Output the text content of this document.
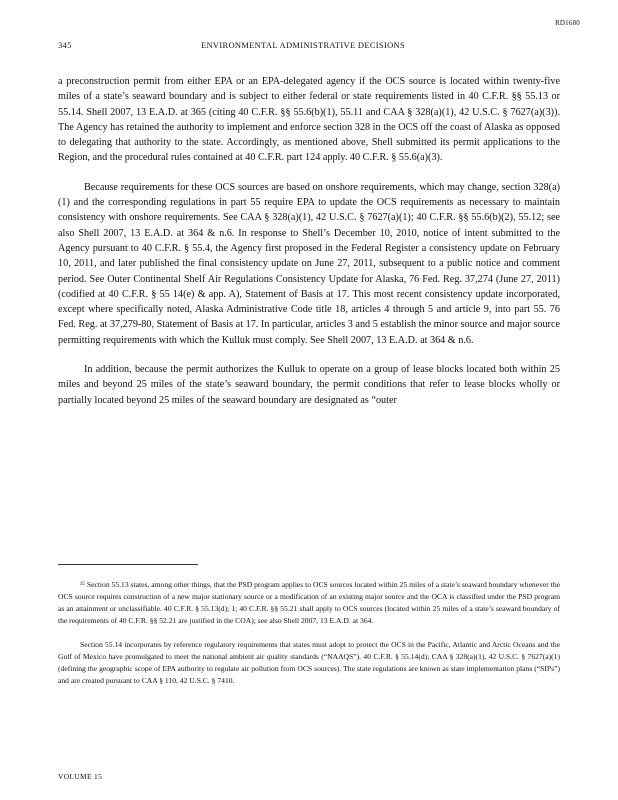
RD1680
345	ENVIRONMENTAL ADMINISTRATIVE DECISIONS

a preconstruction permit from either EPA or an EPA-delegated agency if the OCS source is located within twenty-five miles of a state’s seaward boundary and is subject to either federal or state requirements listed in 40 C.F.R. §§ 55.13 or 55.14. Shell 2007, 13 E.A.D. at 365 (citing 40 C.F.R. §§ 55.6(b)(1), 55.11 and CAA § 328(a)(1), 42 U.S.C. § 7627(a)(3)). The Agency has retained the authority to implement and enforce section 328 in the OCS off the coast of Alaska as opposed to delegating that authority to the state. Accordingly, as mentioned above, Shell submitted its permit applications to the Region, and the procedural rules contained at 40 C.F.R. part 124 apply. 40 C.F.R. § 55.6(a)(3).

Because requirements for these OCS sources are based on onshore requirements, which may change, section 328(a)(1) and the corresponding regulations in part 55 require EPA to update the OCS requirements as necessary to maintain consistency with onshore requirements. See CAA § 328(a)(1), 42 U.S.C. § 7627(a)(1); 40 C.F.R. §§ 55.6(b)(2), 55.12; see also Shell 2007, 13 E.A.D. at 364 & n.6. In response to Shell’s December 10, 2010, notice of intent submitted to the Agency pursuant to 40 C.F.R. § 55.4, the Agency first proposed in the Federal Register a consistency update on February 10, 2011, and later published the final consistency update on June 27, 2011, subsequent to a public notice and comment period. See Outer Continental Shelf Air Regulations Consistency Update for Alaska, 76 Fed. Reg. 37,274 (June 27, 2011) (codified at 40 C.F.R. § 55 14(e) & app. A), Statement of Basis at 17. This most recent consistency update incorporated, except where specifically noted, Alaska Administrative Code title 18, articles 4 through 5 and article 9, into part 55. 76 Fed. Reg. at 37,279-80, Statement of Basis at 17. In particular, articles 3 and 5 establish the minor source and major source permitting requirements with which the Kulluk must comply. See Shell 2007, 13 E.A.D. at 364 & n.6.

In addition, because the permit authorizes the Kulluk to operate on a group of lease blocks located both within 25 miles and beyond 25 miles of the state’s seaward boundary, the permit conditions that refer to lease blocks wholly or partially located beyond 25 miles of the seaward boundary are designated as “outer

¹⁵ Section 55.13 states, among other things, that the PSD program applies to OCS sources located within 25 miles of a state’s seaward boundary whenever the OCS source requires construction of a new major stationary source or a modification of an existing major source and the OCA is classified under the PSD program as an attainment or unclassifiable. 40 C.F.R. § 55.13(d); 1; 40 C.F.R. §§ 55.21 shall apply to OCS sources (located within 25 miles of a state’s seaward boundary of the requirements of 40 C.F.R. §§ 52.21 are justified in the COA); see also Shell 2007, 13 E.A.D. at 364.

Section 55.14 incorporates by reference regulatory requirements that states must adopt to protect the OCS in the Pacific, Atlantic and Arctic Oceans and the Gulf of Mexico have promulgated to meet the national ambient air quality standards (“NAAQS”). 40 C.F.R. § 55.14(d); CAA § 328(a)(1), 42 U.S.C. § 7627(a)(1) (defining the geographic scope of EPA authority to regulate air pollution from OCS sources). The state regulations are known as state implementation plans (“SIPs”) and are created pursuant to CAA § 110, 42 U.S.C. § 7410.

VOLUME 15
